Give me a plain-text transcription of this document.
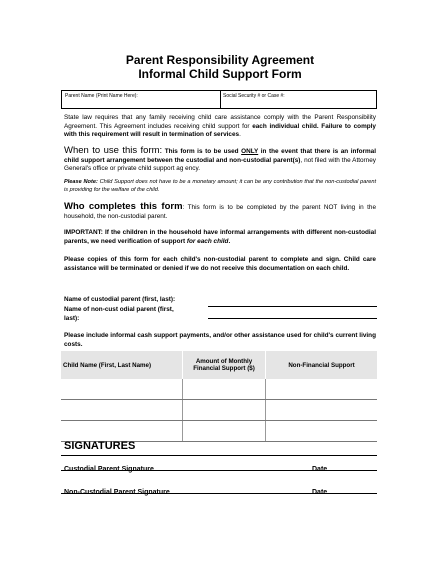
Parent Responsibility Agreement
Informal Child Support Form
Parent Name (Print Name Here):	Social Security # or Case #:
State law requires that any family receiving child care assistance comply with the Parent Responsibility Agreement. This Agreement includes receiving child support for each individual child. Failure to comply with this requirement will result in termination of services.
When to use this form: This form is to be used ONLY in the event that there is an informal child support arrangement between the custodial and non-custodial parent(s), not filed with the Attorney General's office or private child support ag ency.
Please Note: Child Support does not have to be a monetary amount; it can be any contribution that the non-custodial parent is providing for the welfare of the child.
Who completes this form: This form is to be completed by the parent NOT living in the household, the non-custodial parent.
IMPORTANT: If the children in the household have informal arrangements with different non-custodial parents, we need verification of support for each child.
Please copies of this form for each child's non-custodial parent to complete and sign. Child care assistance will be terminated or denied if we do not receive this documentation on each child.
Name of custodial parent (first, last):
Name of non-cust odial parent (first,
last):
Please include informal cash support payments, and/or other assistance used for child's current living costs.
Child Name (First, Last Name)	Amount of Monthly Financial Support ($)	Non-Financial Support

SIGNATURES
Custodial Parent Signature	Date
Non-Custodial Parent Signature	Date
